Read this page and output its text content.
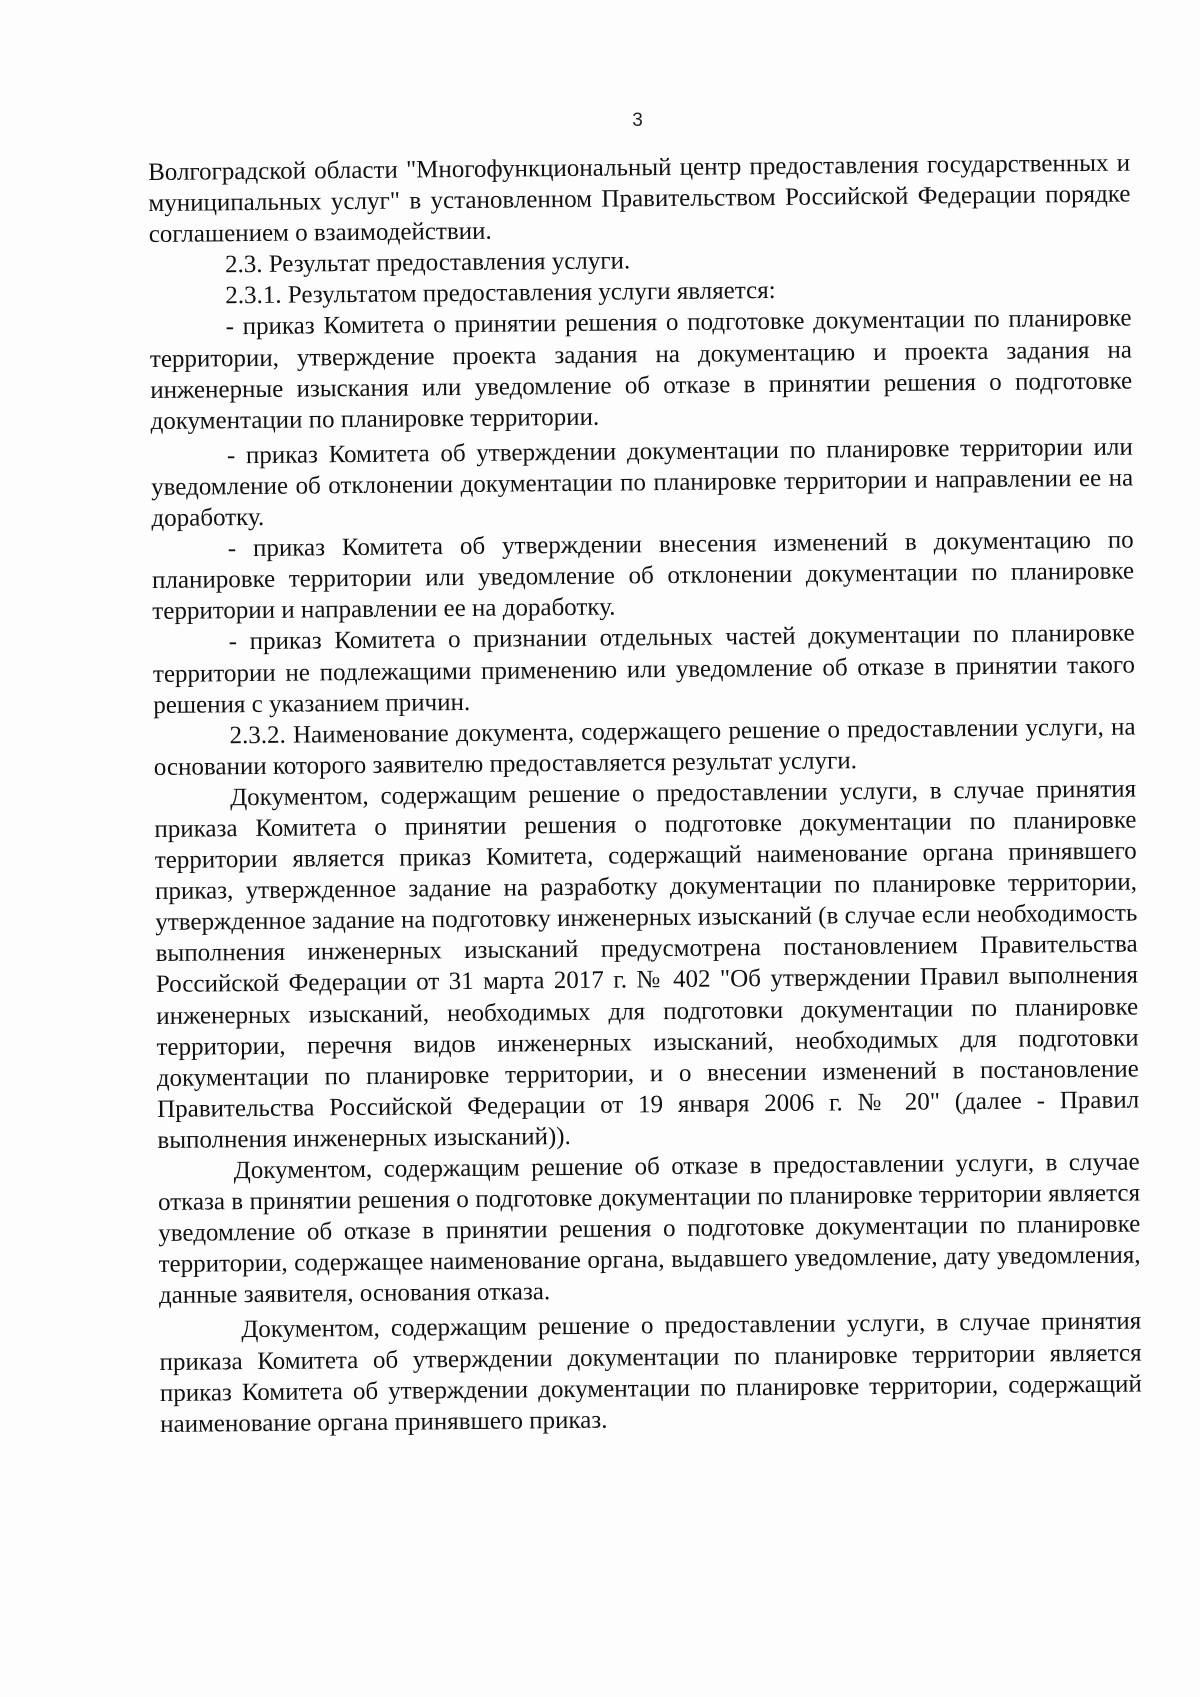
3

Волгоградской области "Многофункциональный центр предоставления государственных и муниципальных услуг" в установленном Правительством Российской Федерации порядке соглашением о взаимодействии.

2.3. Результат предоставления услуги.

2.3.1. Результатом предоставления услуги является:

- приказ Комитета о принятии решения о подготовке документации по планировке территории, утверждение проекта задания на документацию и проекта задания на инженерные изыскания или уведомление об отказе в принятии решения о подготовке документации по планировке территории.

- приказ Комитета об утверждении документации по планировке территории или уведомление об отклонении документации по планировке территории и направлении ее на доработку.

- приказ Комитета об утверждении внесения изменений в документацию по планировке территории или уведомление об отклонении документации по планировке территории и направлении ее на доработку.

- приказ Комитета о признании отдельных частей документации по планировке территории не подлежащими применению или уведомление об отказе в принятии такого решения с указанием причин.

2.3.2. Наименование документа, содержащего решение о предоставлении услуги, на основании которого заявителю предоставляется результат услуги.

Документом, содержащим решение о предоставлении услуги, в случае принятия приказа Комитета о принятии решения о подготовке документации по планировке территории является приказ Комитета, содержащий наименование органа принявшего приказ, утвержденное задание на разработку документации по планировке территории, утвержденное задание на подготовку инженерных изысканий (в случае если необходимость выполнения инженерных изысканий предусмотрена постановлением Правительства Российской Федерации от 31 марта 2017 г. № 402 "Об утверждении Правил выполнения инженерных изысканий, необходимых для подготовки документации по планировке территории, перечня видов инженерных изысканий, необходимых для подготовки документации по планировке территории, и о внесении изменений в постановление Правительства Российской Федерации от 19 января 2006 г. № 20" (далее - Правил выполнения инженерных изысканий)).

Документом, содержащим решение об отказе в предоставлении услуги, в случае отказа в принятии решения о подготовке документации по планировке территории является уведомление об отказе в принятии решения о подготовке документации по планировке территории, содержащее наименование органа, выдавшего уведомление, дату уведомления, данные заявителя, основания отказа.

Документом, содержащим решение о предоставлении услуги, в случае принятия приказа Комитета об утверждении документации по планировке территории является приказ Комитета об утверждении документации по планировке территории, содержащий наименование органа принявшего приказ.
